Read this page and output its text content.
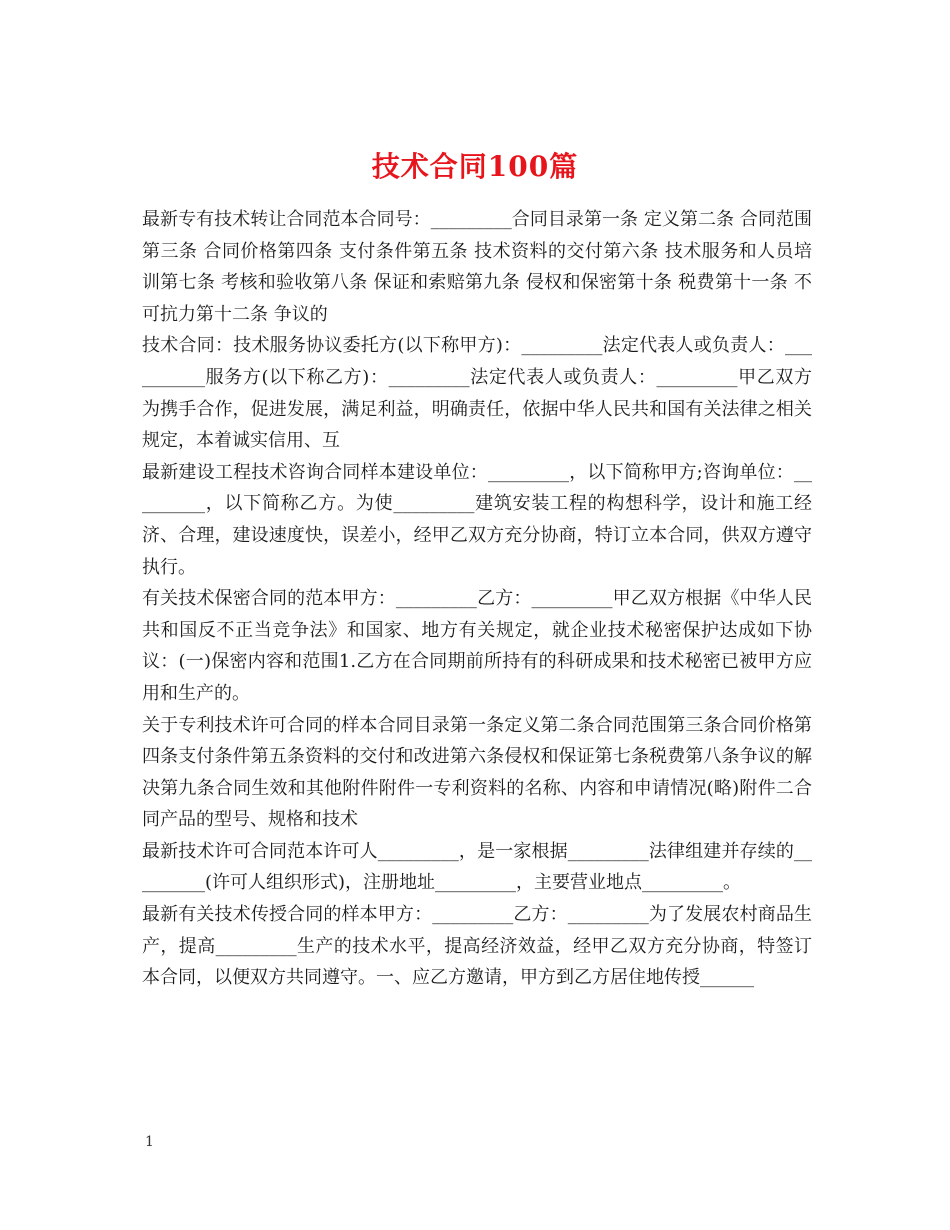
技术合同100篇

最新专有技术转让合同范本合同号：_________合同目录第一条 定义第二条 合同范围第三条 合同价格第四条 支付条件第五条 技术资料的交付第六条 技术服务和人员培训第七条 考核和验收第八条 保证和索赔第九条 侵权和保密第十条 税费第十一条 不可抗力第十二条 争议的

技术合同：技术服务协议委托方(以下称甲方)：_________法定代表人或负责人：__________服务方(以下称乙方)：_________法定代表人或负责人：_________甲乙双方为携手合作，促进发展，满足利益，明确责任，依据中华人民共和国有关法律之相关规定，本着诚实信用、互

最新建设工程技术咨询合同样本建设单位：_________，以下简称甲方;咨询单位：_________，以下简称乙方。为使_________建筑安装工程的构想科学，设计和施工经济、合理，建设速度快，误差小，经甲乙双方充分协商，特订立本合同，供双方遵守执行。

有关技术保密合同的范本甲方：_________乙方：_________甲乙双方根据《中华人民共和国反不正当竞争法》和国家、地方有关规定，就企业技术秘密保护达成如下协议：(一)保密内容和范围1.乙方在合同期前所持有的科研成果和技术秘密已被甲方应用和生产的。

关于专利技术许可合同的样本合同目录第一条定义第二条合同范围第三条合同价格第四条支付条件第五条资料的交付和改进第六条侵权和保证第七条税费第八条争议的解决第九条合同生效和其他附件附件一专利资料的名称、内容和申请情况(略)附件二合同产品的型号、规格和技术

最新技术许可合同范本许可人_________，是一家根据_________法律组建并存续的_________(许可人组织形式)，注册地址_________，主要营业地点_________。

最新有关技术传授合同的样本甲方：_________乙方：_________为了发展农村商品生产，提高_________生产的技术水平，提高经济效益，经甲乙双方充分协商，特签订本合同，以便双方共同遵守。一、应乙方邀请，甲方到乙方居住地传授______

1
